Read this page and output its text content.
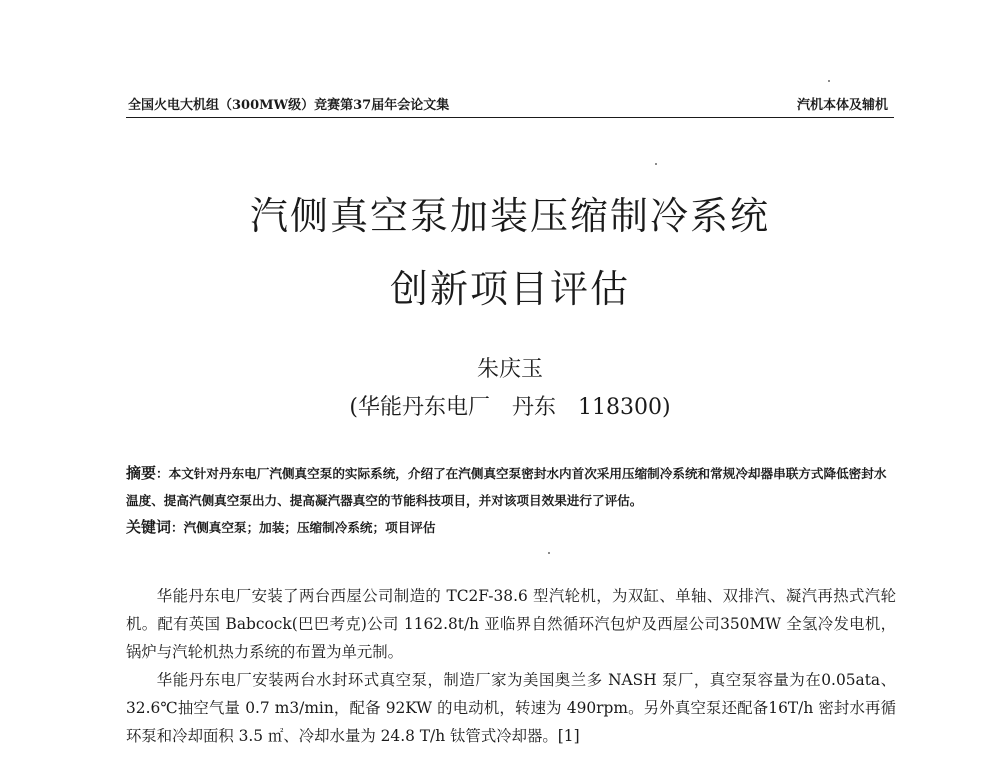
全国火电大机组（300MW级）竞赛第37届年会论文集	汽机本体及辅机
汽侧真空泵加装压缩制冷系统
创新项目评估
朱庆玉
(华能丹东电厂　丹东　118300)
摘要：本文针对丹东电厂汽侧真空泵的实际系统，介绍了在汽侧真空泵密封水内首次采用压缩制冷系统和常规冷却器串联方式降低密封水温度、提高汽侧真空泵出力、提高凝汽器真空的节能科技项目，并对该项目效果进行了评估。
关键词：汽侧真空泵；加装；压缩制冷系统；项目评估

华能丹东电厂安装了两台西屋公司制造的 TC2F-38.6 型汽轮机，为双缸、单轴、双排汽、凝汽再热式汽轮机。配有英国 Babcock(巴巴考克)公司 1162.8t/h 亚临界自然循环汽包炉及西屋公司350MW 全氢冷发电机，锅炉与汽轮机热力系统的布置为单元制。

华能丹东电厂安装两台水封环式真空泵，制造厂家为美国奥兰多 NASH 泵厂，真空泵容量为在0.05ata、32.6℃抽空气量 0.7 m3/min，配备 92KW 的电动机，转速为 490rpm。另外真空泵还配备16T/h 密封水再循环泵和冷却面积 3.5 ㎡、冷却水量为 24.8 T/h 钛管式冷却器。[1]
